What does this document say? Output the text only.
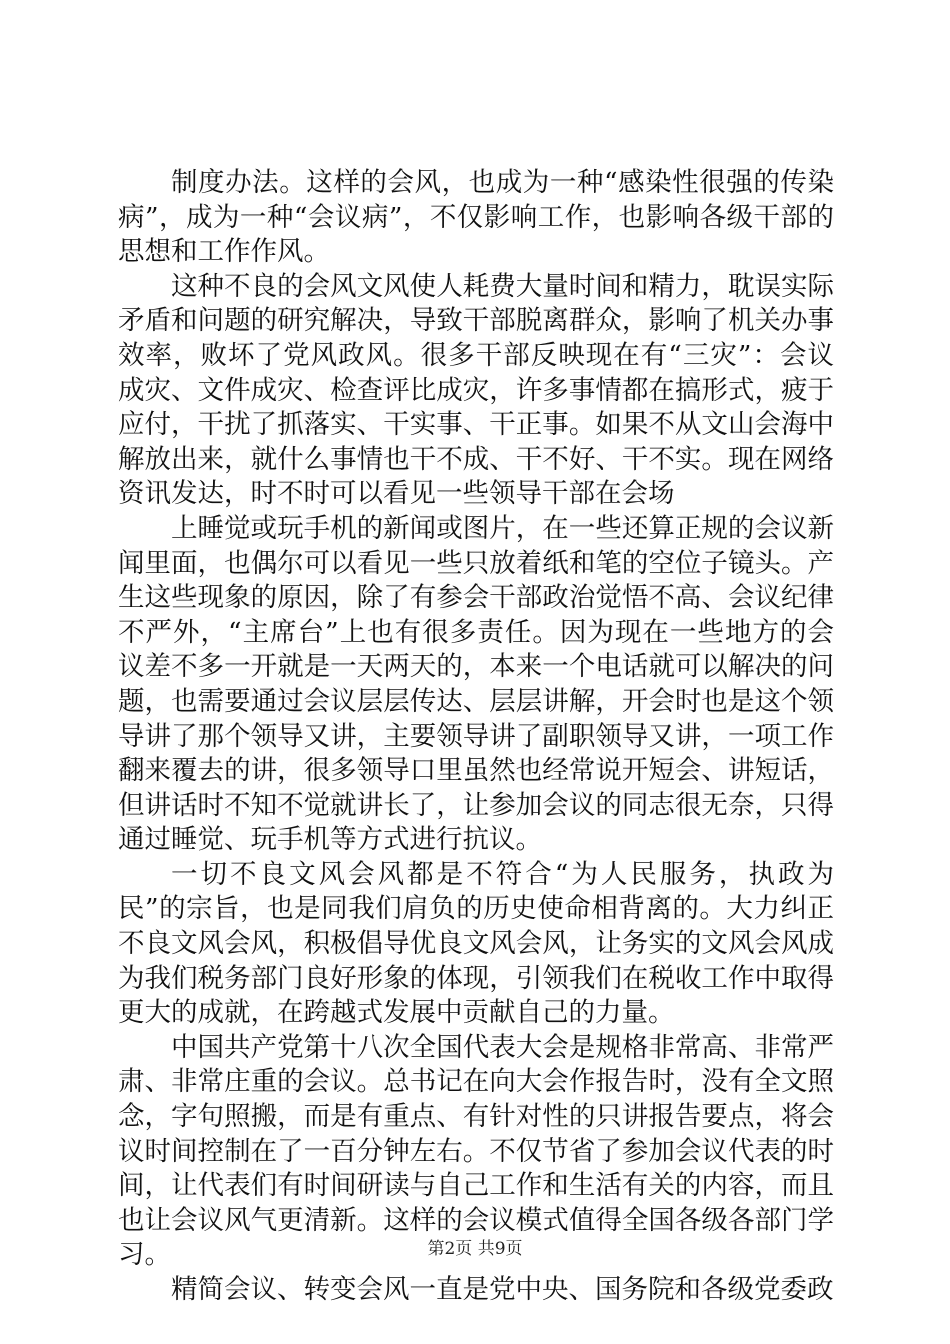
制度办法。这样的会风，也成为一种“感染性很强的传染病”，成为一种“会议病”，不仅影响工作，也影响各级干部的思想和工作作风。

这种不良的会风文风使人耗费大量时间和精力，耽误实际矛盾和问题的研究解决，导致干部脱离群众，影响了机关办事效率，败坏了党风政风。很多干部反映现在有“三灾”：会议成灾、文件成灾、检查评比成灾，许多事情都在搞形式，疲于应付，干扰了抓落实、干实事、干正事。如果不从文山会海中解放出来，就什么事情也干不成、干不好、干不实。现在网络资讯发达，时不时可以看见一些领导干部在会场

上睡觉或玩手机的新闻或图片，在一些还算正规的会议新闻里面，也偶尔可以看见一些只放着纸和笔的空位子镜头。产生这些现象的原因，除了有参会干部政治觉悟不高、会议纪律不严外，“主席台”上也有很多责任。因为现在一些地方的会议差不多一开就是一天两天的，本来一个电话就可以解决的问题，也需要通过会议层层传达、层层讲解，开会时也是这个领导讲了那个领导又讲，主要领导讲了副职领导又讲，一项工作翻来覆去的讲，很多领导口里虽然也经常说开短会、讲短话，但讲话时不知不觉就讲长了，让参加会议的同志很无奈，只得通过睡觉、玩手机等方式进行抗议。

一切不良文风会风都是不符合“为人民服务，执政为民”的宗旨，也是同我们肩负的历史使命相背离的。大力纠正不良文风会风，积极倡导优良文风会风，让务实的文风会风成为我们税务部门良好形象的体现，引领我们在税收工作中取得更大的成就，在跨越式发展中贡献自己的力量。

中国共产党第十八次全国代表大会是规格非常高、非常严肃、非常庄重的会议。总书记在向大会作报告时，没有全文照念，字句照搬，而是有重点、有针对性的只讲报告要点，将会议时间控制在了一百分钟左右。不仅节省了参加会议代表的时间，让代表们有时间研读与自己工作和生活有关的内容，而且也让会议风气更清新。这样的会议模式值得全国各级各部门学习。

精简会议、转变会风一直是党中央、国务院和各级党委政

第2页 共9页
